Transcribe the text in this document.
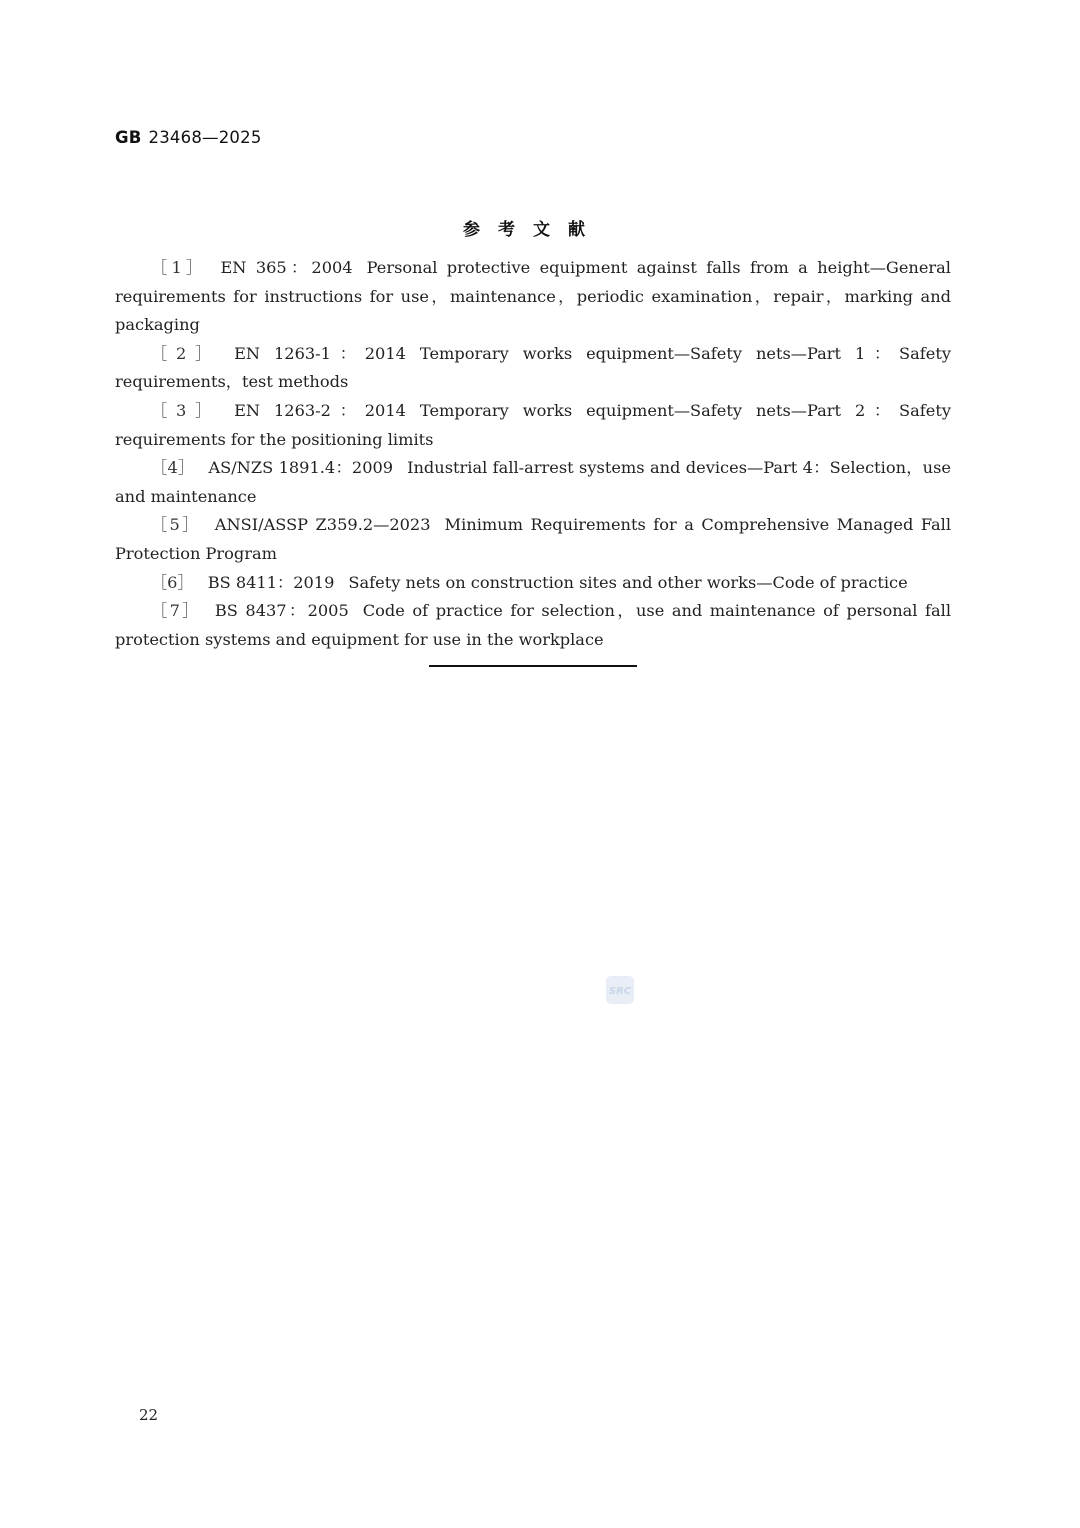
GB 23468—2025
参考文献

［1］ EN 365：2004 Personal protective equipment against falls from a height—General requirements for instructions for use，maintenance，periodic examination，repair，marking and packaging

［2］ EN 1263-1：2014 Temporary works equipment—Safety nets—Part 1：Safety requirements，test methods

［3］ EN 1263-2：2014 Temporary works equipment—Safety nets—Part 2：Safety requirements for the positioning limits

［4］ AS/NZS 1891.4：2009 Industrial fall-arrest systems and devices—Part 4：Selection，use and maintenance

［5］ ANSI/ASSP Z359.2—2023 Minimum Requirements for a Comprehensive Managed Fall Protection Program

［6］ BS 8411：2019 Safety nets on construction sites and other works—Code of practice

［7］ BS 8437：2005 Code of practice for selection，use and maintenance of personal fall protection systems and equipment for use in the workplace

SRC
22
